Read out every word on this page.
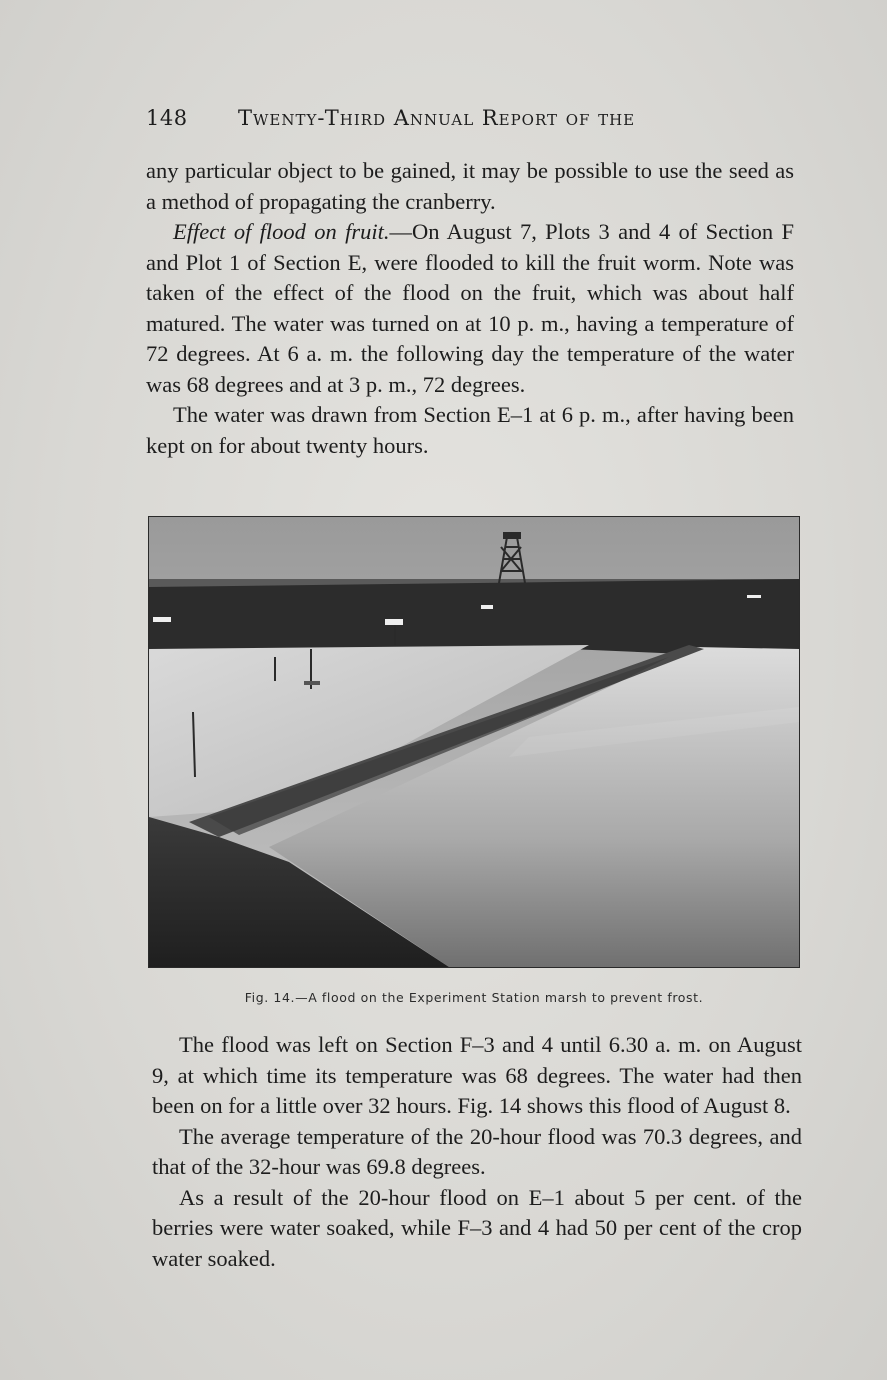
148 Twenty-Third Annual Report of the

any particular object to be gained, it may be possible to use the seed as a method of propagating the cranberry.

Effect of flood on fruit.—On August 7, Plots 3 and 4 of Section F and Plot 1 of Section E, were flooded to kill the fruit worm. Note was taken of the effect of the flood on the fruit, which was about half matured. The water was turned on at 10 p. m., having a temperature of 72 degrees. At 6 a. m. the following day the temperature of the water was 68 degrees and at 3 p. m., 72 degrees.

The water was drawn from Section E–1 at 6 p. m., after having been kept on for about twenty hours.

Fig. 14.—A flood on the Experiment Station marsh to prevent frost.

The flood was left on Section F–3 and 4 until 6.30 a. m. on August 9, at which time its temperature was 68 degrees. The water had then been on for a little over 32 hours. Fig. 14 shows this flood of August 8.

The average temperature of the 20-hour flood was 70.3 degrees, and that of the 32-hour was 69.8 degrees.

As a result of the 20-hour flood on E–1 about 5 per cent. of the berries were water soaked, while F–3 and 4 had 50 per cent of the crop water soaked.
